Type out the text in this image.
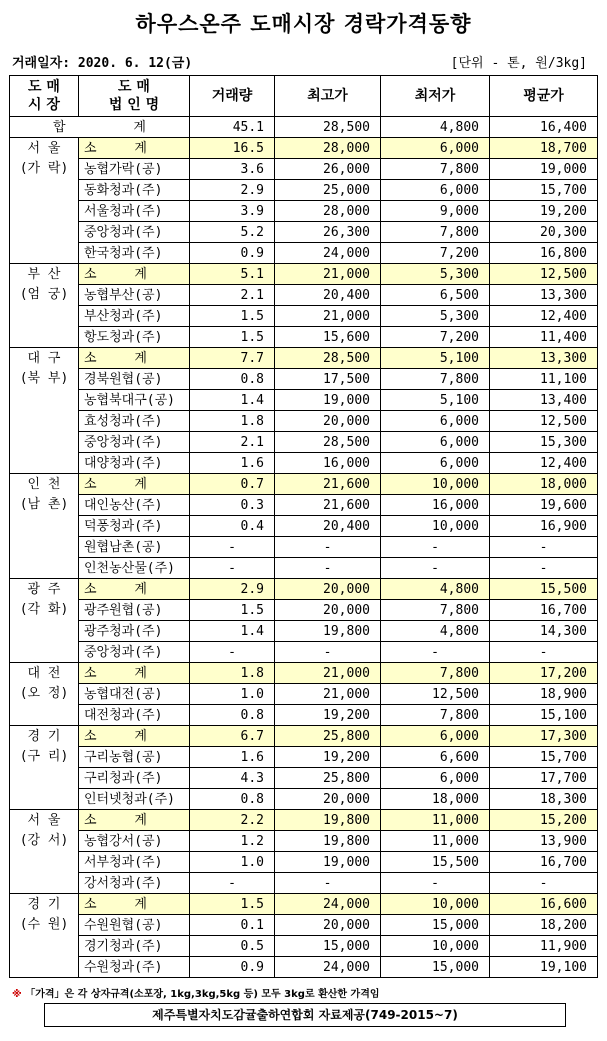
하우스온주 도매시장 경락가격동향
거래일자: 2020. 6. 12(금)	[단위 - 톤, 원/3kg]
도 매
시 장	도 매
법 인 명	거래량	최고가	최저가	평균가
합 계		45.1	28,500	4,800	16,400
서 울
(가 락)	소 계	16.5	28,000	6,000	18,700
	농협가락(공)	3.6	26,000	7,800	19,000
	동화청과(주)	2.9	25,000	6,000	15,700
	서울청과(주)	3.9	28,000	9,000	19,200
	중앙청과(주)	5.2	26,300	7,800	20,300
	한국청과(주)	0.9	24,000	7,200	16,800
부 산
(엄 궁)	소 계	5.1	21,000	5,300	12,500
	농협부산(공)	2.1	20,400	6,500	13,300
	부산청과(주)	1.5	21,000	5,300	12,400
	항도청과(주)	1.5	15,600	7,200	11,400
대 구
(북 부)	소 계	7.7	28,500	5,100	13,300
	경북원협(공)	0.8	17,500	7,800	11,100
	농협북대구(공)	1.4	19,000	5,100	13,400
	효성청과(주)	1.8	20,000	6,000	12,500
	중앙청과(주)	2.1	28,500	6,000	15,300
	대양청과(주)	1.6	16,000	6,000	12,400
인 천
(남 촌)	소 계	0.7	21,600	10,000	18,000
	대인농산(주)	0.3	21,600	16,000	19,600
	덕풍청과(주)	0.4	20,400	10,000	16,900
	원협남촌(공)	-	-	-	-
	인천농산물(주)	-	-	-	-
광 주
(각 화)	소 계	2.9	20,000	4,800	15,500
	광주원협(공)	1.5	20,000	7,800	16,700
	광주청과(주)	1.4	19,800	4,800	14,300
	중앙청과(주)	-	-	-	-
대 전
(오 정)	소 계	1.8	21,000	7,800	17,200
	농협대전(공)	1.0	21,000	12,500	18,900
	대전청과(주)	0.8	19,200	7,800	15,100
경 기
(구 리)	소 계	6.7	25,800	6,000	17,300
	구리농협(공)	1.6	19,200	6,600	15,700
	구리청과(주)	4.3	25,800	6,000	17,700
	인터넷청과(주)	0.8	20,000	18,000	18,300
서 울
(강 서)	소 계	2.2	19,800	11,000	15,200
	농협강서(공)	1.2	19,800	11,000	13,900
	서부청과(주)	1.0	19,000	15,500	16,700
	강서청과(주)	-	-	-	-
경 기
(수 원)	소 계	1.5	24,000	10,000	16,600
	수원원협(공)	0.1	20,000	15,000	18,200
	경기청과(주)	0.5	15,000	10,000	11,900
	수원청과(주)	0.9	24,000	15,000	19,100
※ 「가격」은 각 상자규격(소포장, 1kg,3kg,5kg 등) 모두 3kg로 환산한 가격임
제주특별자치도감귤출하연합회 자료제공(749-2015~7)
